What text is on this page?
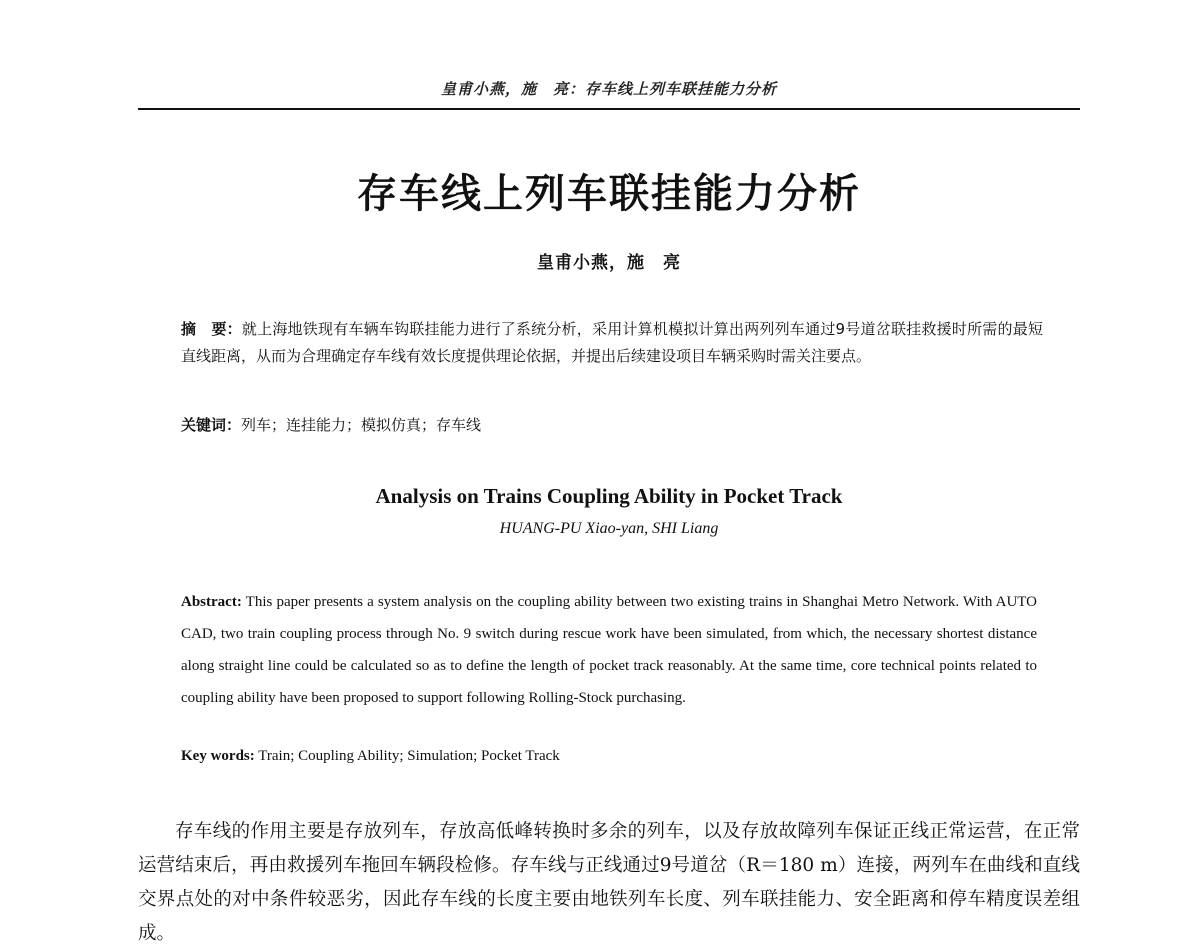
皇甫小燕，施　亮：存车线上列车联挂能力分析
存车线上列车联挂能力分析
皇甫小燕，施　亮
摘　要：就上海地铁现有车辆车钩联挂能力进行了系统分析，采用计算机模拟计算出两列列车通过9号道岔联挂救援时所需的最短直线距离，从而为合理确定存车线有效长度提供理论依据，并提出后续建设项目车辆采购时需关注要点。
关键词：列车；连挂能力；模拟仿真；存车线
Analysis on Trains Coupling Ability in Pocket Track
HUANG-PU Xiao-yan, SHI Liang
Abstract: This paper presents a system analysis on the coupling ability between two existing trains in Shanghai Metro Network. With AUTO CAD, two train coupling process through No. 9 switch during rescue work have been simulated, from which, the necessary shortest distance along straight line could be calculated so as to define the length of pocket track reasonably. At the same time, core technical points related to coupling ability have been proposed to support following Rolling-Stock purchasing.
Key words: Train; Coupling Ability; Simulation; Pocket Track
存车线的作用主要是存放列车，存放高低峰转换时多余的列车，以及存放故障列车保证正线正常运营，在正常运营结束后，再由救援列车拖回车辆段检修。存车线与正线通过9号道岔（R＝180 m）连接，两列车在曲线和直线交界点处的对中条件较恶劣，因此存车线的长度主要由地铁列车长度、列车联挂能力、安全距离和停车精度误差组成。
